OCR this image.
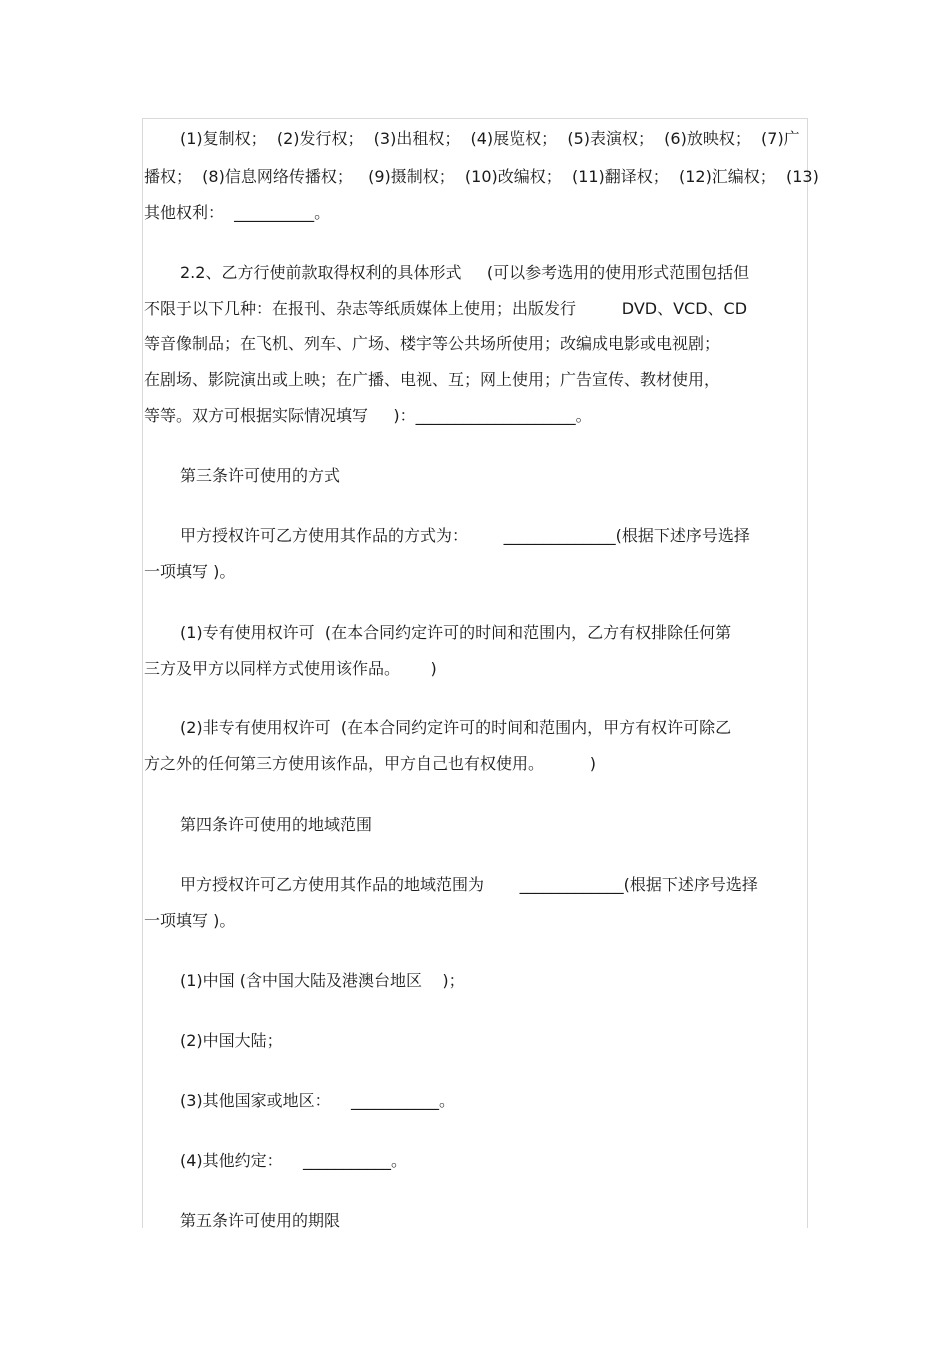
(1)复制权；  (2)发行权；  (3)出租权；  (4)展览权；  (5)表演权；  (6)放映权；  (7)广
播权；  (8)信息网络传播权；   (9)摄制权；  (10)改编权；  (11)翻译权；  (12)汇编权；  (13)
其他权利：  __________。
2.2、乙方行使前款取得权利的具体形式     (可以参考选用的使用形式范围包括但
不限于以下几种：在报刊、杂志等纸质媒体上使用；出版发行         DVD、VCD、CD
等音像制品；在飞机、列车、广场、楼宇等公共场所使用；改编成电影或电视剧；
在剧场、影院演出或上映；在广播、电视、互；网上使用；广告宣传、教材使用，
等等。双方可根据实际情况填写     )：____________________。
第三条许可使用的方式
甲方授权许可乙方使用其作品的方式为：       ______________(根据下述序号选择
一项填写 )。
(1)专有使用权许可  (在本合同约定许可的时间和范围内，乙方有权排除任何第
三方及甲方以同样方式使用该作品。      )
(2)非专有使用权许可  (在本合同约定许可的时间和范围内，甲方有权许可除乙
方之外的任何第三方使用该作品，甲方自己也有权使用。         )
第四条许可使用的地域范围
甲方授权许可乙方使用其作品的地域范围为       _____________(根据下述序号选择
一项填写 )。
(1)中国 (含中国大陆及港澳台地区    )；
(2)中国大陆；
(3)其他国家或地区：    ___________。
(4)其他约定：    ___________。
第五条许可使用的期限
